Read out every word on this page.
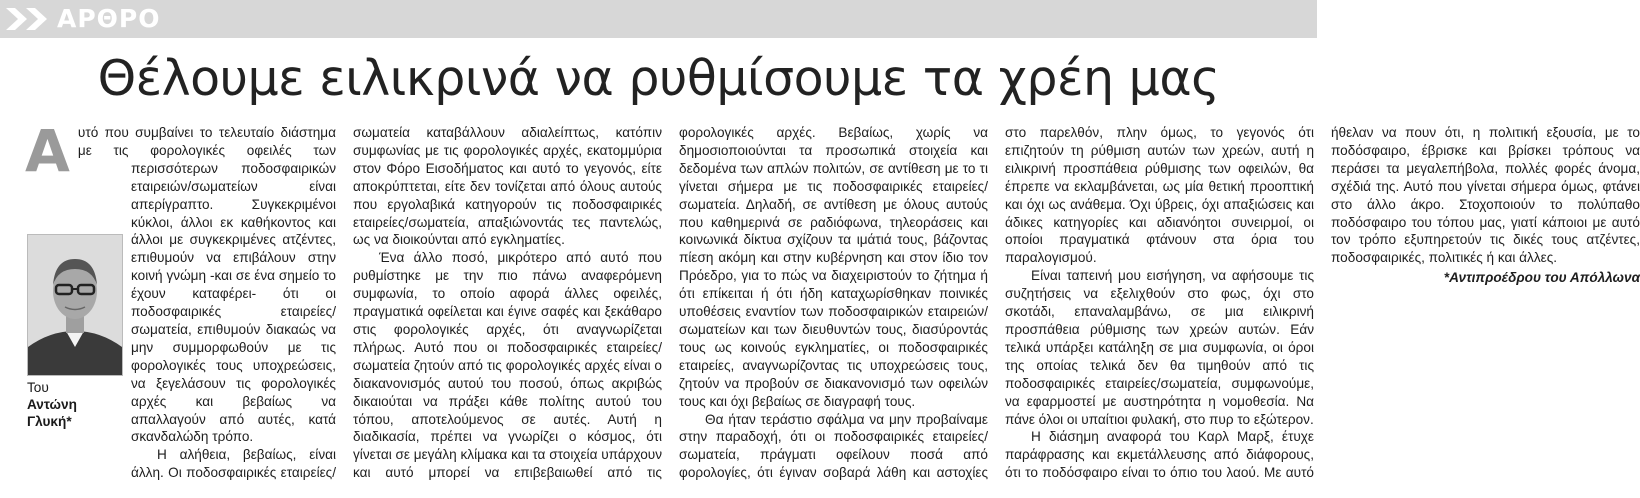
ΑΡΘΡΟ
Θέλουμε ειλικρινά να ρυθμίσουμε τα χρέη μας
Α υτό που συμβαίνει το τελευταίο διάστημα με τις φορολογικές οφειλές των περισσότερων ποδοσφαιρικών εταιρειών/σωματείων είναι απερίγραπτο. Συγκεκριμένοι κύκλοι, άλλοι εκ καθήκοντος και άλλοι με συγκεκριμένες ατζέντες, επιθυμούν να επιβάλουν στην κοινή γνώμη -και σε ένα σημείο το έχουν καταφέρει- ότι οι ποδοσφαιρικές εταιρείες/σωματεία, επιθυμούν διακαώς να μην συμμορφωθούν με τις φορολογικές τους υποχρεώσεις, να ξεγελάσουν τις φορολογικές αρχές και βεβαίως να απαλλαγούν από αυτές, κατά σκανδαλώδη τρόπο.

Η αλήθεια, βεβαίως, είναι άλλη. Οι ποδοσφαιρικές εταιρείες/σωματεία καταβάλλουν αδιαλείπτως, κατόπιν συμφωνίας με τις φορολογικές αρχές, εκατομμύρια στον Φόρο Εισοδήματος και αυτό το γεγονός, είτε αποκρύπτεται, είτε δεν τονίζεται από όλους αυτούς που εργολαβικά κατηγορούν τις ποδοσφαιρικές εταιρείες/σωματεία, απαξιώνοντάς τες παντελώς, ως να διοικούνται από εγκληματίες.

Ένα άλλο ποσό, μικρότερο από αυτό που ρυθμίστηκε με την πιο πάνω αναφερόμενη συμφωνία, το οποίο αφορά άλλες οφειλές, πραγματικά οφείλεται και έγινε σαφές και ξεκάθαρο στις φορολογικές αρχές, ότι αναγνωρίζεται πλήρως. Αυτό που οι ποδοσφαιρικές εταιρείες/σωματεία ζητούν από τις φορολογικές αρχές είναι ο διακανονισμός αυτού του ποσού, όπως ακριβώς δικαιούται να πράξει κάθε πολίτης αυτού του τόπου, αποτελούμενος σε αυτές. Αυτή η διαδικασία, πρέπει να γνωρίζει ο κόσμος, ότι γίνεται σε μεγάλη κλίμακα και τα στοιχεία υπάρχουν και αυτό μπορεί να επιβεβαιωθεί από τις φορολογικές αρχές. Βεβαίως, χωρίς να δημοσιοποιούνται τα προσωπικά στοιχεία και δεδομένα των απλών πολιτών, σε αντίθεση με το τι γίνεται σήμερα με τις ποδοσφαιρικές εταιρείες/σωματεία. Δηλαδή, σε αντίθεση με όλους αυτούς που καθημερινά σε ραδιόφωνα, τηλεοράσεις και κοινωνικά δίκτυα σχίζουν τα ιμάτιά τους, βάζοντας πίεση ακόμη και στην κυβέρνηση και στον ίδιο τον Πρόεδρο, για το πώς να διαχειριστούν το ζήτημα ή ότι επίκειται ή ότι ήδη καταχωρίσθηκαν ποινικές υποθέσεις εναντίον των ποδοσφαιρικών εταιρειών/σωματείων και των διευθυντών τους, διασύροντάς τους ως κοινούς εγκληματίες, οι ποδοσφαιρικές εταιρείες, αναγνωρίζοντας τις υποχρεώσεις τους, ζητούν να προβούν σε διακανονισμό των οφειλών τους και όχι βεβαίως σε διαγραφή τους.

Θα ήταν τεράστιο σφάλμα να μην προβαίναμε στην παραδοχή, ότι οι ποδοσφαιρικές εταιρείες/σωματεία, πράγματι οφείλουν ποσά από φορολογίες, ότι έγιναν σοβαρά λάθη και αστοχίες στο παρελθόν, πλην όμως, το γεγονός ότι επιζητούν τη ρύθμιση αυτών των χρεών, αυτή η ειλικρινή προσπάθεια ρύθμισης των οφειλών, θα έπρεπε να εκλαμβάνεται, ως μία θετική προοπτική και όχι ως ανάθεμα. Όχι ύβρεις, όχι απαξιώσεις και άδικες κατηγορίες και αδιανόητοι συνειρμοί, οι οποίοι πραγματικά φτάνουν στα όρια του παραλογισμού.

Είναι ταπεινή μου εισήγηση, να αφήσουμε τις συζητήσεις να εξελιχθούν στο φως, όχι στο σκοτάδι, επαναλαμβάνω, σε μια ειλικρινή προσπάθεια ρύθμισης των χρεών αυτών. Εάν τελικά υπάρξει κατάληξη σε μια συμφωνία, οι όροι της οποίας τελικά δεν θα τιμηθούν από τις ποδοσφαιρικές εταιρείες/σωματεία, συμφωνούμε, να εφαρμοστεί με αυστηρότητα η νομοθεσία. Να πάνε όλοι οι υπαίτιοι φυλακή, στο πυρ το εξώτερον.

Η διάσημη αναφορά του Καρλ Μαρξ, έτυχε παράφρασης και εκμετάλλευσης από διάφορους, ότι το ποδόσφαιρο είναι το όπιο του λαού. Με αυτό ήθελαν να πουν ότι, η πολιτική εξουσία, με το ποδόσφαιρο, έβρισκε και βρίσκει τρόπους να περάσει τα μεγαλεπήβολα, πολλές φορές άνομα, σχέδιά της. Αυτό που γίνεται σήμερα όμως, φτάνει στο άλλο άκρο. Στοχοποιούν το πολύπαθο ποδόσφαιρο του τόπου μας, γιατί κάποιοι με αυτό τον τρόπο εξυπηρετούν τις δικές τους ατζέντες, ποδοσφαιρικές, πολιτικές ή και άλλες.

*Αντιπροέδρου του Απόλλωνα

Του
Αντώνη
Γλυκή*
